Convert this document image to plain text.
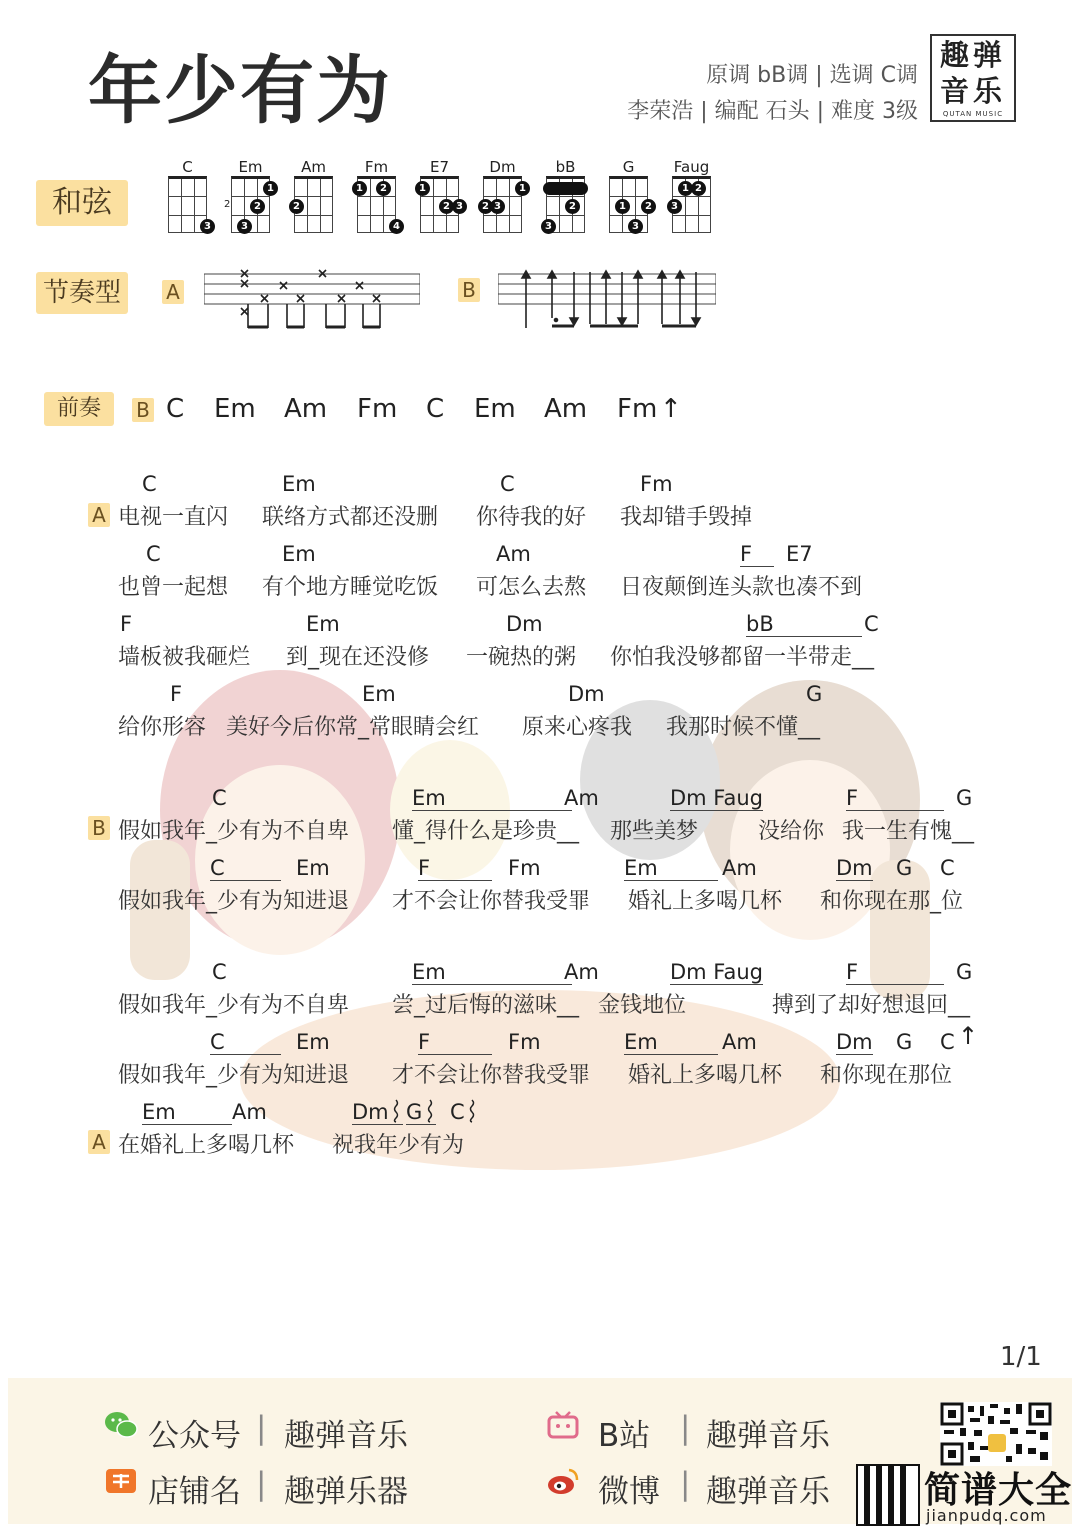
年少有为	原调 bB调 | 选调 C调
李荣浩 | 编配 石头 | 难度 3级
趣弹
音乐
QUTAN MUSIC
和弦
C
3
Em
2
1
2
3
Am
2
Fm
1	2
4
E7
1
2 3
Dm
1
2 3
bB
2
3
G
1	2
3
Faug
1 2
3
节奏型	A	B
前奏	B C Em Am Fm C Em Am Fm ↑
A
C	Em	C	Fm
电视一直闪 联络方式都还没删 你待我的好 我却错手毁掉
C	Em	Am	F	E7
也曾一起想 有个地方睡觉吃饭 可怎么去熬 日夜颠倒连头款也凑不到
F	Em	Dm	bB	C
墙板被我砸烂 到_现在还没修 一碗热的粥 你怕我没够都留一半带走__
F	Em	Dm	G
给你形容 美好今后你常_常眼睛会红 原来心疼我 我那时候不懂__
B
C	Em	Am	Dm Faug	F	G
假如我年_少有为不自卑 懂_得什么是珍贵__ 那些美梦	没给你 我一生有愧__
C	Em	F	Fm	Em	Am	Dm G C
假如我年_少有为知进退 才不会让你替我受罪 婚礼上多喝几杯 和你现在那_位
C	Em	Am	Dm Faug	F	G
假如我年_少有为不自卑 尝_过后悔的滋味__ 金钱地位	搏到了却好想退回__
C	Em	F	Fm	Em	Am	Dm G C ↑
假如我年_少有为知进退 才不会让你替我受罪 婚礼上多喝几杯 和你现在那位
A
Em	Am	Dm G	C
在婚礼上多喝几杯 祝我年少有为
1/1
公众号 | 趣弹音乐
店铺名 | 趣弹乐器
B站 | 趣弹音乐
微博 | 趣弹音乐	简谱大全
jianpudq.com
